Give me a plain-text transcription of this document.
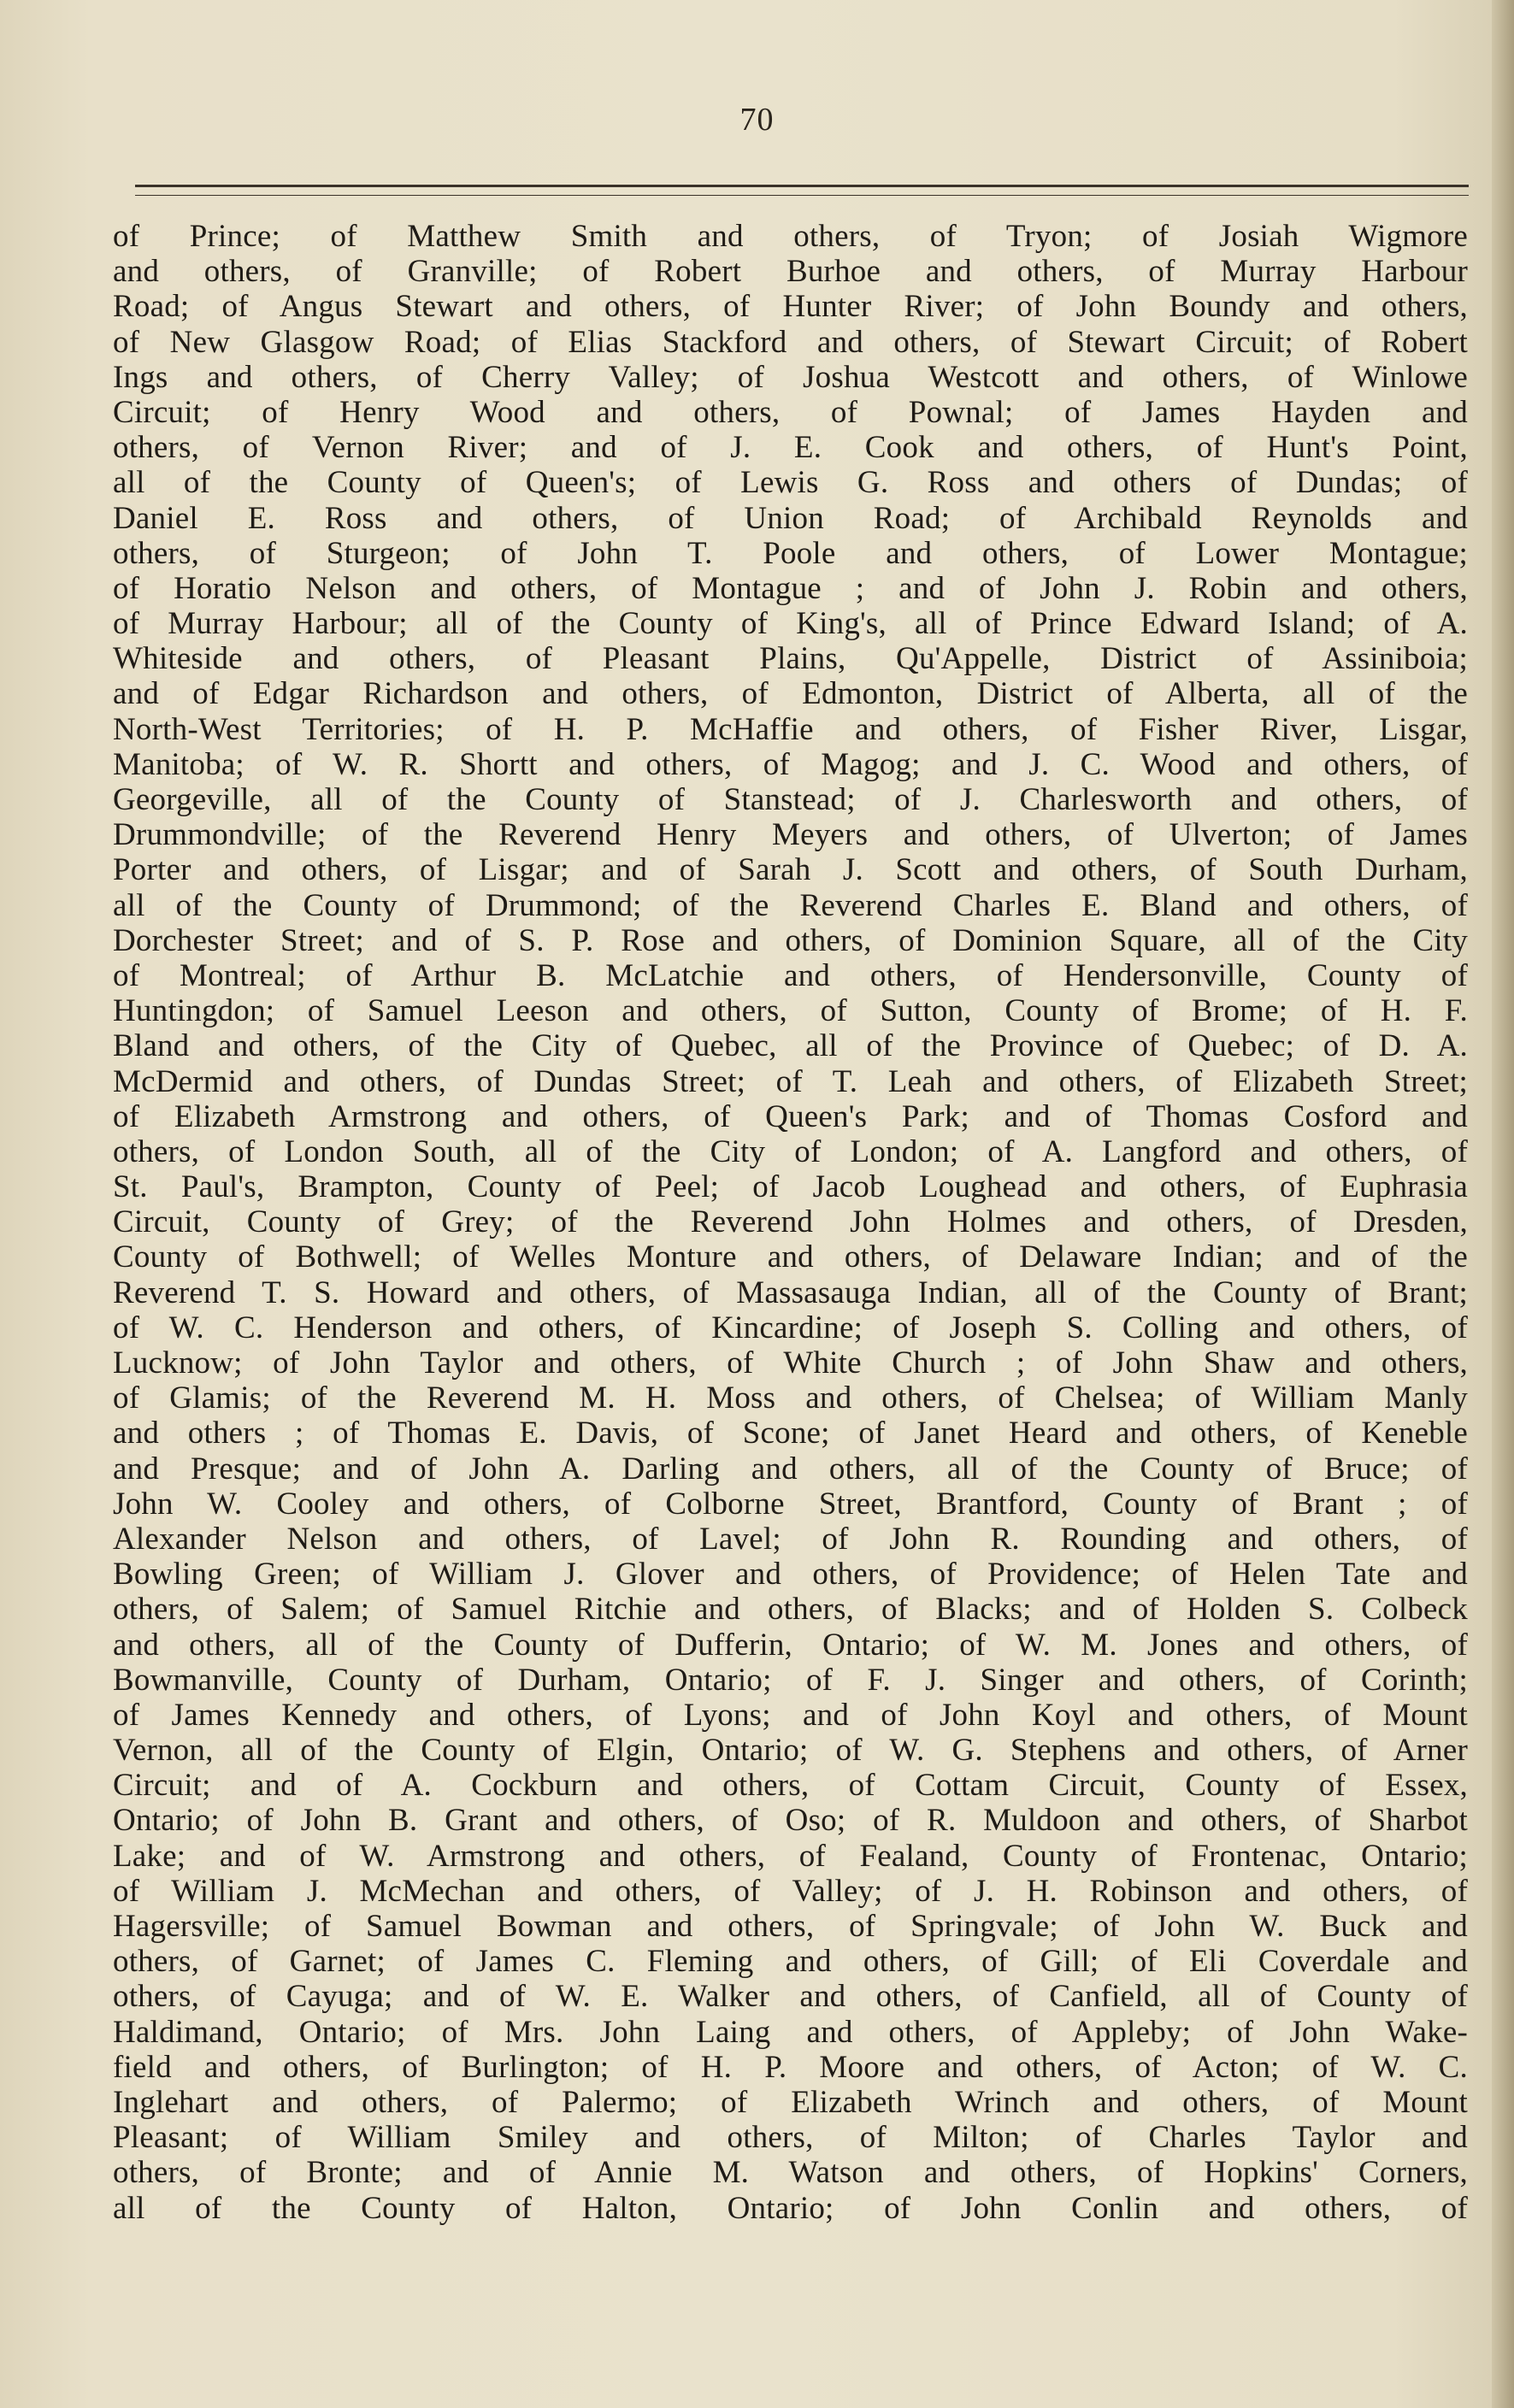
70
of Prince; of Matthew Smith and others, of Tryon; of Josiah Wigmore
and others, of Granville; of Robert Burhoe and others, of Murray Harbour
Road; of Angus Stewart and others, of Hunter River; of John Boundy and others,
of New Glasgow Road; of Elias Stackford and others, of Stewart Circuit; of Robert
Ings and others, of Cherry Valley; of Joshua Westcott and others, of Winlowe
Circuit; of Henry Wood and others, of Pownal; of James Hayden and
others, of Vernon River; and of J. E. Cook and others, of Hunt's Point,
all of the County of Queen's; of Lewis G. Ross and others of Dundas; of
Daniel E. Ross and others, of Union Road; of Archibald Reynolds and
others, of Sturgeon; of John T. Poole and others, of Lower Montague;
of Horatio Nelson and others, of Montague ; and of John J. Robin and others,
of Murray Harbour; all of the County of King's, all of Prince Edward Island; of A.
Whiteside and others, of Pleasant Plains, Qu'Appelle, District of Assiniboia;
and of Edgar Richardson and others, of Edmonton, District of Alberta, all of the
North-West Territories; of H. P. McHaffie and others, of Fisher River, Lisgar,
Manitoba; of W. R. Shortt and others, of Magog; and J. C. Wood and others, of
Georgeville, all of the County of Stanstead; of J. Charlesworth and others, of
Drummondville; of the Reverend Henry Meyers and others, of Ulverton; of James
Porter and others, of Lisgar; and of Sarah J. Scott and others, of South Durham,
all of the County of Drummond; of the Reverend Charles E. Bland and others, of
Dorchester Street; and of S. P. Rose and others, of Dominion Square, all of the City
of Montreal; of Arthur B. McLatchie and others, of Hendersonville, County of
Huntingdon; of Samuel Leeson and others, of Sutton, County of Brome; of H. F.
Bland and others, of the City of Quebec, all of the Province of Quebec; of D. A.
McDermid and others, of Dundas Street; of T. Leah and others, of Elizabeth Street;
of Elizabeth Armstrong and others, of Queen's Park; and of Thomas Cosford and
others, of London South, all of the City of London; of A. Langford and others, of
St. Paul's, Brampton, County of Peel; of Jacob Loughead and others, of Euphrasia
Circuit, County of Grey; of the Reverend John Holmes and others, of Dresden,
County of Bothwell; of Welles Monture and others, of Delaware Indian; and of the
Reverend T. S. Howard and others, of Massasauga Indian, all of the County of Brant;
of W. C. Henderson and others, of Kincardine; of Joseph S. Colling and others, of
Lucknow; of John Taylor and others, of White Church ; of John Shaw and others,
of Glamis; of the Reverend M. H. Moss and others, of Chelsea; of William Manly
and others ; of Thomas E. Davis, of Scone; of Janet Heard and others, of Keneble
and Presque; and of John A. Darling and others, all of the County of Bruce; of
John W. Cooley and others, of Colborne Street, Brantford, County of Brant ; of
Alexander Nelson and others, of Lavel; of John R. Rounding and others, of
Bowling Green; of William J. Glover and others, of Providence; of Helen Tate and
others, of Salem; of Samuel Ritchie and others, of Blacks; and of Holden S. Colbeck
and others, all of the County of Dufferin, Ontario; of W. M. Jones and others, of
Bowmanville, County of Durham, Ontario; of F. J. Singer and others, of Corinth;
of James Kennedy and others, of Lyons; and of John Koyl and others, of Mount
Vernon, all of the County of Elgin, Ontario; of W. G. Stephens and others, of Arner
Circuit; and of A. Cockburn and others, of Cottam Circuit, County of Essex,
Ontario; of John B. Grant and others, of Oso; of R. Muldoon and others, of Sharbot
Lake; and of W. Armstrong and others, of Fealand, County of Frontenac, Ontario;
of William J. McMechan and others, of Valley; of J. H. Robinson and others, of
Hagersville; of Samuel Bowman and others, of Springvale; of John W. Buck and
others, of Garnet; of James C. Fleming and others, of Gill; of Eli Coverdale and
others, of Cayuga; and of W. E. Walker and others, of Canfield, all of County of
Haldimand, Ontario; of Mrs. John Laing and others, of Appleby; of John Wake-
field and others, of Burlington; of H. P. Moore and others, of Acton; of W. C.
Inglehart and others, of Palermo; of Elizabeth Wrinch and others, of Mount
Pleasant; of William Smiley and others, of Milton; of Charles Taylor and
others, of Bronte; and of Annie M. Watson and others, of Hopkins' Corners,
all of the County of Halton, Ontario; of John Conlin and others, of
